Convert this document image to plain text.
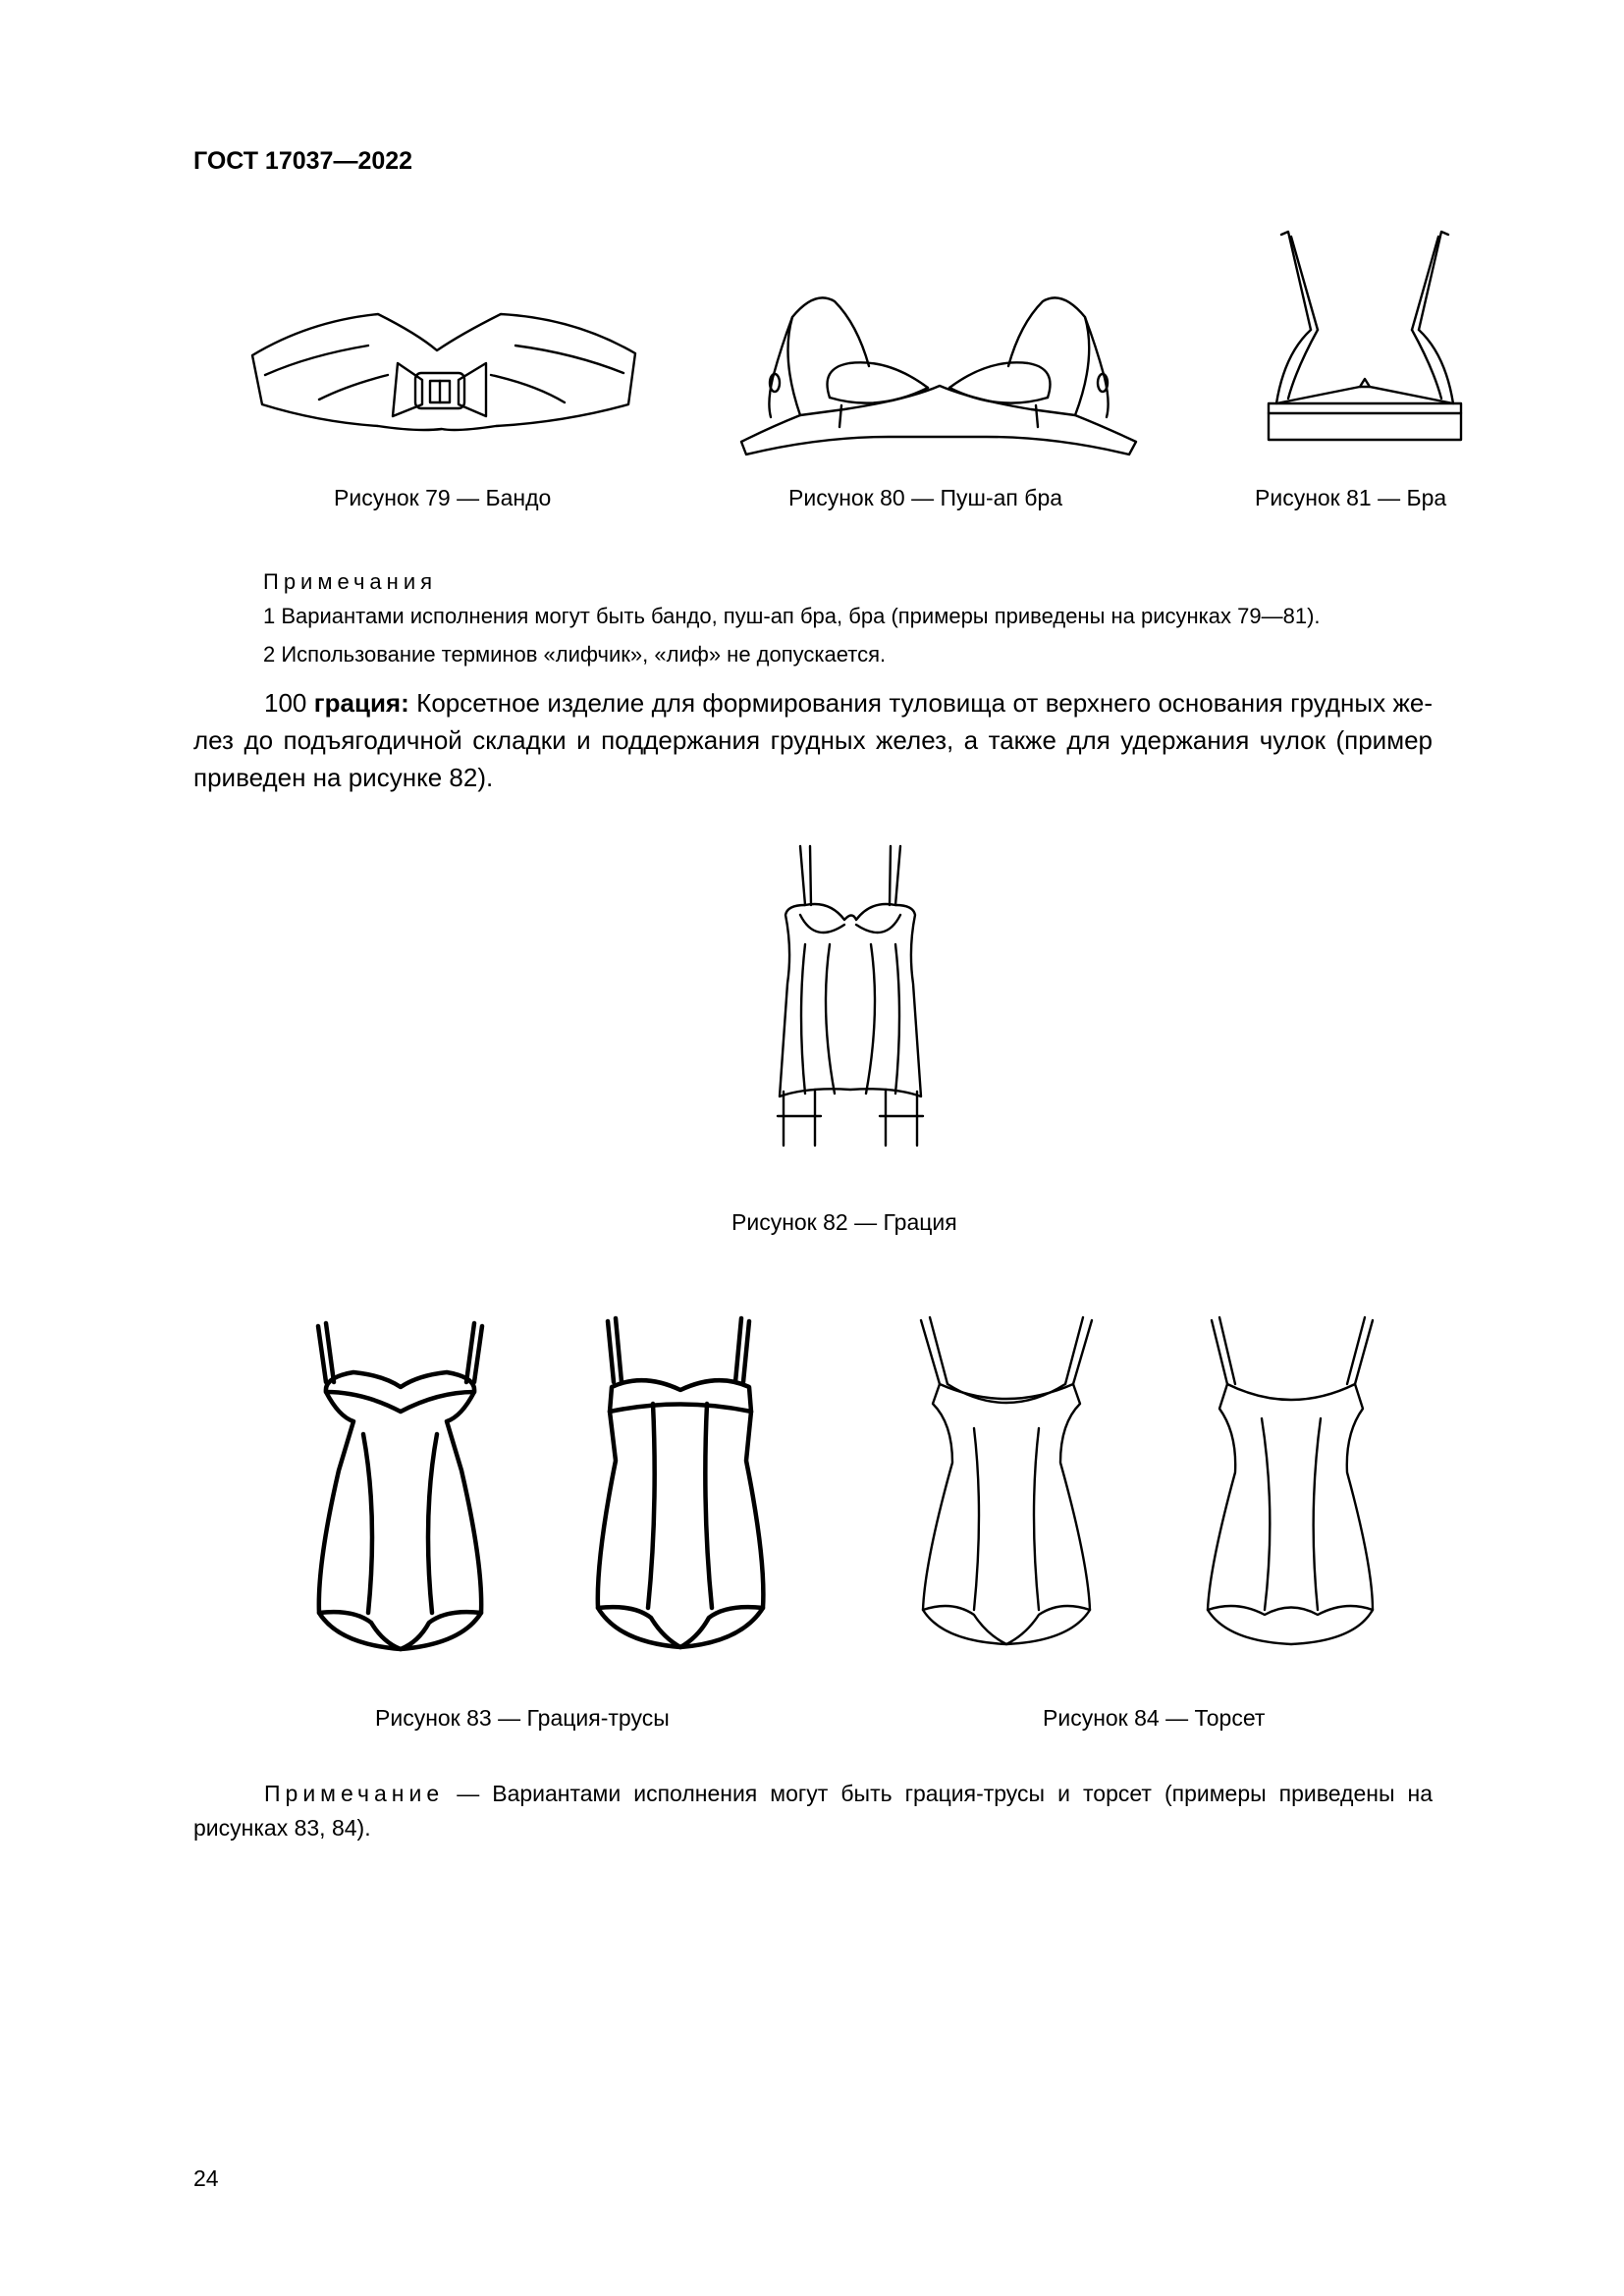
ГОСТ 17037—2022
Рисунок 79 — Бандо	Рисунок 80 — Пуш-ап бра	Рисунок 81 — Бра
Примечания
1 Вариантами исполнения могут быть бандо, пуш-ап бра, бра (примеры приведены на рисунках 79—81).
2 Использование терминов «лифчик», «лиф» не допускается.
100 грация: Корсетное изделие для формирования туловища от верхнего основания грудных же-лез до подъягодичной складки и поддержания грудных желез, а также для удержания чулок (пример приведен на рисунке 82).
Рисунок 82 — Грация
Рисунок 83 — Грация-трусы	Рисунок 84 — Торсет
Примечание — Вариантами исполнения могут быть грация-трусы и торсет (примеры приведены на рисунках 83, 84).
24
